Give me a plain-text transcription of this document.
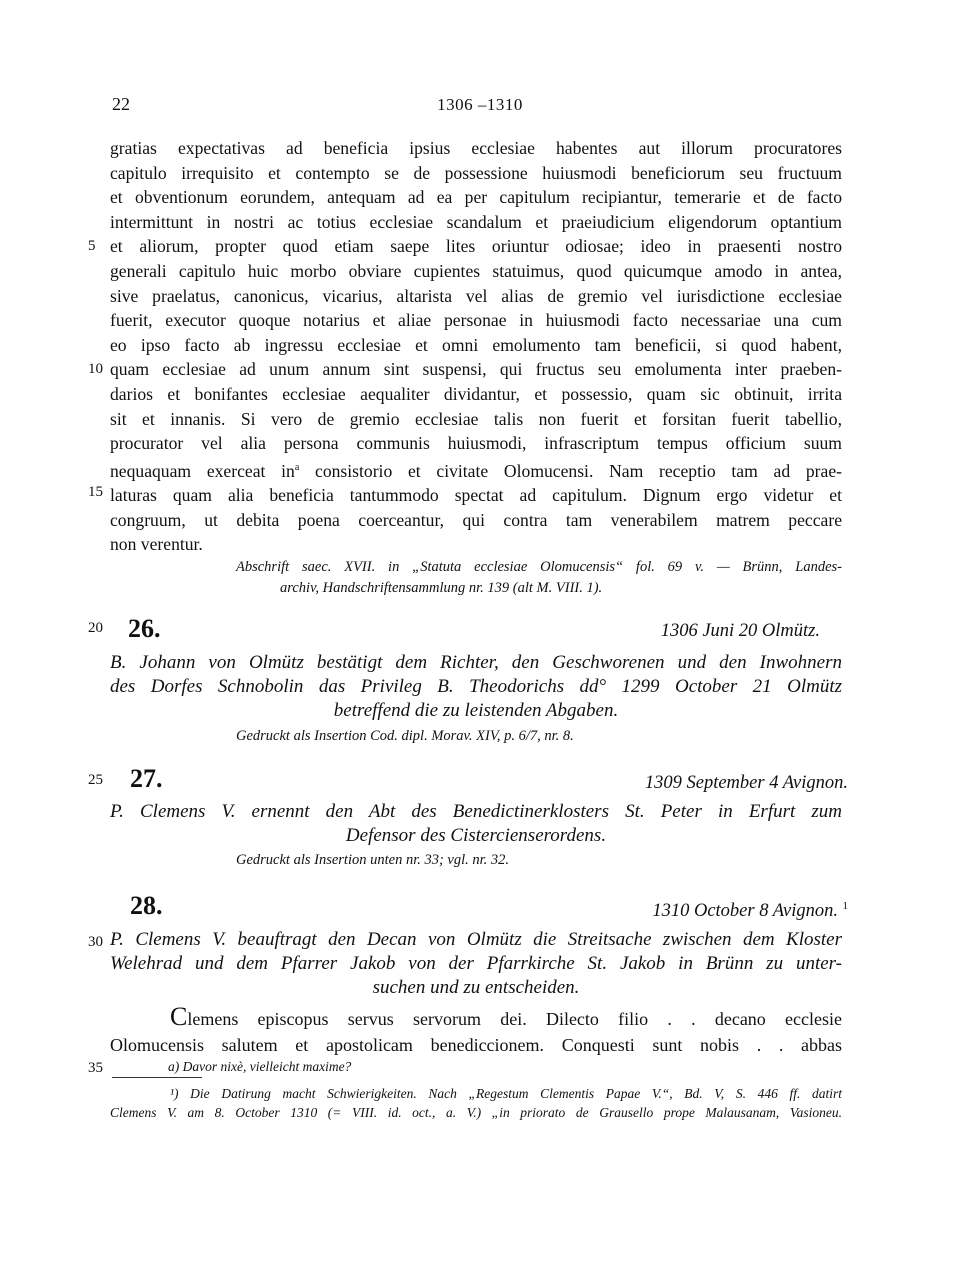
22	1306 –1310
gratias expectativas ad beneficia ipsius ecclesiae habentes aut illorum procuratores
capitulo irrequisito et contempto se de possessione huiusmodi beneficiorum seu fructuum
et obventionum eorundem, antequam ad ea per capitulum recipiantur, temerarie et de facto
intermittunt in nostri ac totius ecclesiae scandalum et praeiudicium eligendorum optantium
et aliorum, propter quod etiam saepe lites oriuntur odiosae; ideo in praesenti nostro
generali capitulo huic morbo obviare cupientes statuimus, quod quicumque amodo in antea,
sive praelatus, canonicus, vicarius, altarista vel alias de gremio vel iurisdictione ecclesiae
fuerit, executor quoque notarius et aliae personae in huiusmodi facto necessariae una cum
eo ipso facto ab ingressu ecclesiae et omni emolumento tam beneficii, si quod habent,
quam ecclesiae ad unum annum sint suspensi, qui fructus seu emolumenta inter praeben-
darios et bonifantes ecclesiae aequaliter dividantur, et possessio, quam sic obtinuit, irrita
sit et innanis. Si vero de gremio ecclesiae talis non fuerit et forsitan fuerit tabellio,
procurator vel alia persona communis huiusmodi, infrascriptum tempus officium suum
nequaquam exerceat $in^a$ consistorio et civitate Olomucensi. Nam receptio tam ad prae-
laturas quam alia beneficia tantummodo spectat ad capitulum. Dignum ergo videtur et
congruum, ut debita poena coerceantur, qui contra tam venerabilem matrem peccare
non verentur.
5
10
15
20
25
30
35
Abschrift saec. XVII. in „Statuta ecclesiae Olomucensis“ fol. 69 v. — Brünn, Landes-
archiv, Handschriftensammlung nr. 139 (alt M. VIII. 1).
26.	1306 Juni 20 Olmütz.
B. Johann von Olmütz bestätigt dem Richter, den Geschworenen und den Inwohnern
des Dorfes Schnobolin das Privileg B. Theodorichs dd° 1299 October 21 Olmütz
betreffend die zu leistenden Abgaben.
Gedruckt als Insertion Cod. dipl. Morav. XIV, p. 6/7, nr. 8.
27.	1309 September 4 Avignon.
P. Clemens V. ernennt den Abt des Benedictinerklosters St. Peter in Erfurt zum
Defensor des Cistercienserordens.
Gedruckt als Insertion unten nr. 33; vgl. nr. 32.
28.	1310 October 8 Avignon. 1
P. Clemens V. beauftragt den Decan von Olmütz die Streitsache zwischen dem Kloster
Welehrad und dem Pfarrer Jakob von der Pfarrkirche St. Jakob in Brünn zu unter-
suchen und zu entscheiden.
Clemens episcopus servus servorum dei. Dilecto filio . . decano ecclesie
Olomucensis salutem et apostolicam benediccionem. Conquesti sunt nobis . . abbas
a) Davor nixè, vielleicht maxime?
¹) Die Datirung macht Schwierigkeiten. Nach „Regestum Clementis Papae V.“, Bd. V, S. 446 ff. datirt
Clemens V. am 8. October 1310 (= VIII. id. oct., a. V.) „in priorato de Grausello prope Malausanam, Vasioneu.
